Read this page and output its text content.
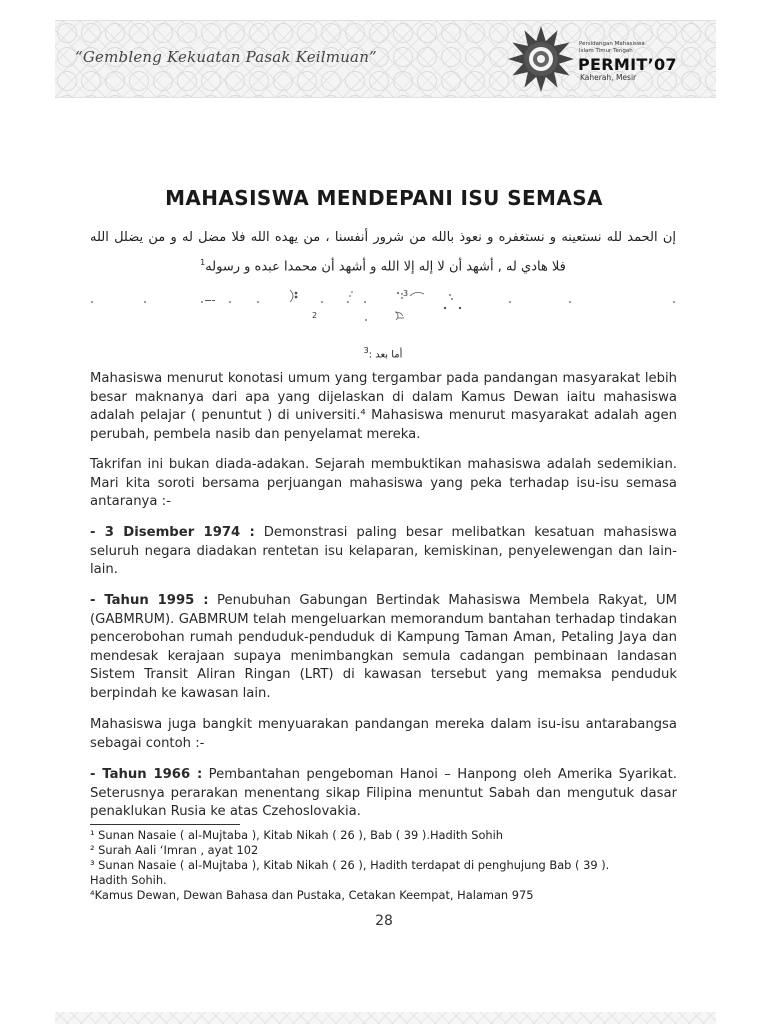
“Gembleng Kekuatan Pasak Keilmuan”
Persidangan Mahasiswa
Islam Timur Tengah
PERMIT’07
Kaherah, Mesir
MAHASISWA MENDEPANI ISU SEMASA
إن الحمد لله نستعينه و نستغفره و نعوذ بالله من شرور أنفسنا ، من يهده الله فلا مضل له و من يضلل الله
فلا هادي له , أشهد أن لا إله إلا الله و أشهد أن محمدا عبده و رسوله$^1$
2
3
أما بعد :$^3$

Mahasiswa menurut konotasi umum yang tergambar pada pandangan masyarakat lebih besar maknanya dari apa yang dijelaskan di dalam Kamus Dewan iaitu mahasiswa adalah pelajar ( penuntut ) di universiti.⁴ Mahasiswa menurut masyarakat adalah agen perubah, pembela nasib dan penyelamat mereka.

Takrifan ini bukan diada-adakan. Sejarah membuktikan mahasiswa adalah sedemikian. Mari kita soroti bersama perjuangan mahasiswa yang peka terhadap isu-isu semasa antaranya :-

- 3 Disember 1974 : Demonstrasi paling besar melibatkan kesatuan mahasiswa seluruh negara diadakan rentetan isu kelaparan, kemiskinan, penyelewengan dan lain-lain.

- Tahun 1995 : Penubuhan Gabungan Bertindak Mahasiswa Membela Rakyat, UM (GABMRUM). GABMRUM telah mengeluarkan memorandum bantahan terhadap tindakan pencerobohan rumah penduduk-penduduk di Kampung Taman Aman, Petaling Jaya dan mendesak kerajaan supaya menimbangkan semula cadangan pembinaan landasan Sistem Transit Aliran Ringan (LRT) di kawasan tersebut yang memaksa penduduk berpindah ke kawasan lain.

Mahasiswa juga bangkit menyuarakan pandangan mereka dalam isu-isu antarabangsa sebagai contoh :-

- Tahun 1966 : Pembantahan pengeboman Hanoi – Hanpong oleh Amerika Syarikat. Seterusnya perarakan menentang sikap Filipina menuntut Sabah dan mengutuk dasar penaklukan Rusia ke atas Czehoslovakia.

¹ Sunan Nasaie ( al-Mujtaba ), Kitab Nikah ( 26 ), Bab ( 39 ).Hadith Sohih
² Surah Aali ‘Imran , ayat 102
³ Sunan Nasaie ( al-Mujtaba ), Kitab Nikah ( 26 ), Hadith terdapat di penghujung Bab ( 39 ).
Hadith Sohih.
⁴Kamus Dewan, Dewan Bahasa dan Pustaka, Cetakan Keempat, Halaman 975
28
